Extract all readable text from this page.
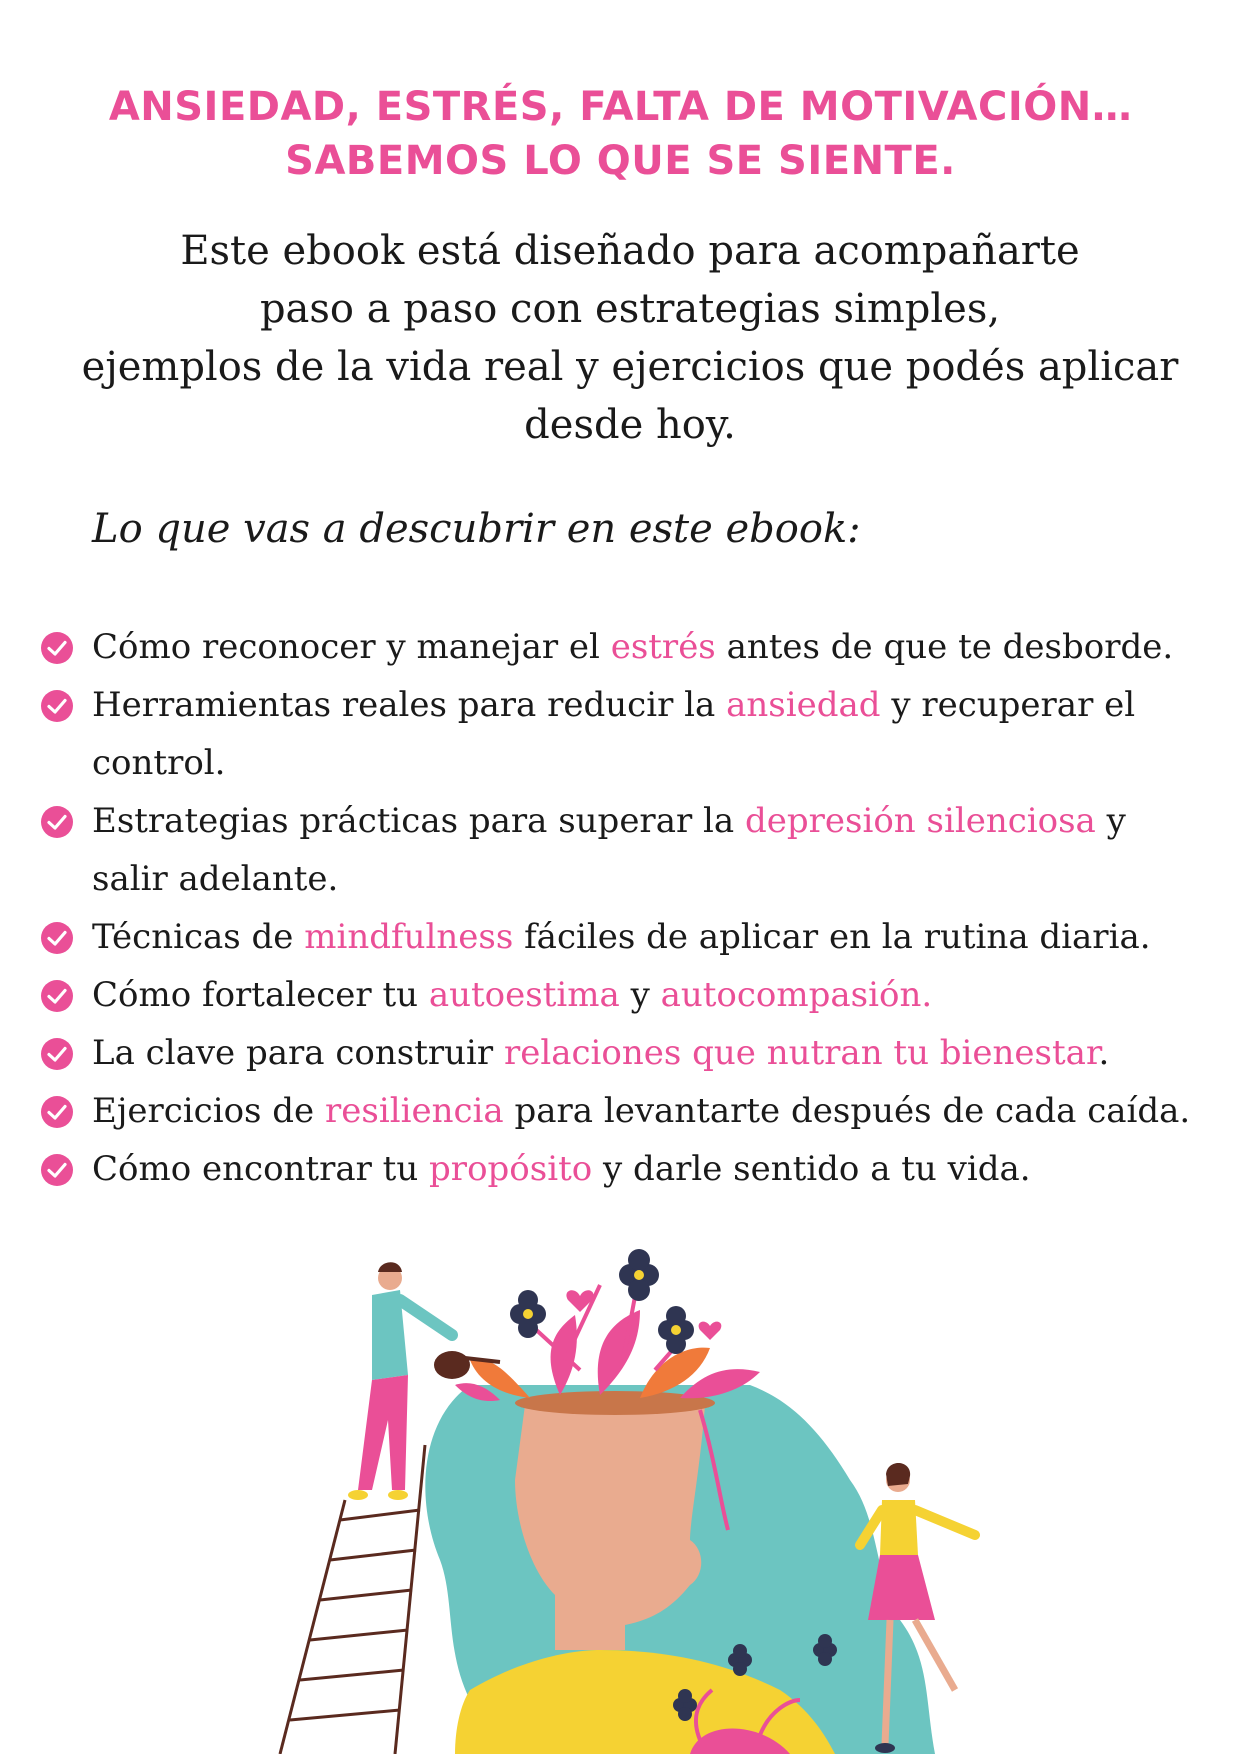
ANSIEDAD, ESTRÉS, FALTA DE MOTIVACIÓN…
SABEMOS LO QUE SE SIENTE.
Este ebook está diseñado para acompañarte
paso a paso con estrategias simples,
ejemplos de la vida real y ejercicios que podés aplicar
desde hoy.
Lo que vas a descubrir en este ebook:
Cómo reconocer y manejar el estrés antes de que te desborde.
Herramientas reales para reducir la ansiedad y recuperar el control.
Estrategias prácticas para superar la depresión silenciosa y salir adelante.
Técnicas de mindfulness fáciles de aplicar en la rutina diaria.
Cómo fortalecer tu autoestima y autocompasión.
La clave para construir relaciones que nutran tu bienestar.
Ejercicios de resiliencia para levantarte después de cada caída.
Cómo encontrar tu propósito y darle sentido a tu vida.
